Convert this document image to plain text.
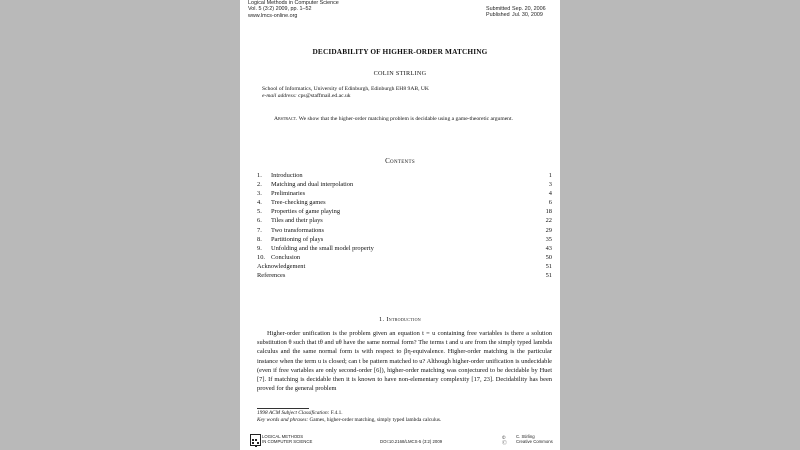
Logical Methods in Computer Science
Vol. 5 (3:2) 2009, pp. 1–52
www.lmcs-online.org
Submitted Sep. 20, 2006
Published Jul. 30, 2009
DECIDABILITY OF HIGHER-ORDER MATCHING
COLIN STIRLING
School of Informatics, University of Edinburgh, Edinburgh EH8 9AB, UK
e-mail address: cps@staffmail.ed.ac.uk
Abstract. We show that the higher-order matching problem is decidable using a game-theoretic argument.
Contents
1. Introduction	1
2. Matching and dual interpolation	3
3. Preliminaries	4
4. Tree-checking games	6
5. Properties of game playing	18
6. Tiles and their plays	22
7. Two transformations	29
8. Partitioning of plays	35
9. Unfolding and the small model property	43
10. Conclusion	50
Acknowledgement	51
References	51
1. Introduction
Higher-order unification is the problem given an equation t = u containing free variables is there a solution substitution θ such that tθ and uθ have the same normal form? The terms t and u are from the simply typed lambda calculus and the same normal form is with respect to βη-equivalence. Higher-order matching is the particular instance when the term u is closed; can t be pattern matched to u? Although higher-order unification is undecidable (even if free variables are only second-order [6]), higher-order matching was conjectured to be decidable by Huet [7]. If matching is decidable then it is known to have non-elementary complexity [17, 23]. Decidability has been proved for the general problem
1998 ACM Subject Classification: F.4.1.
Key words and phrases: Games, higher-order matching, simply typed lambda calculus.
LOGICAL METHODS
IN COMPUTER SCIENCE	DOI:10.2168/LMCS-5 (3:2) 2009
©
Ⓒ
C. Stirling
Creative Commons
